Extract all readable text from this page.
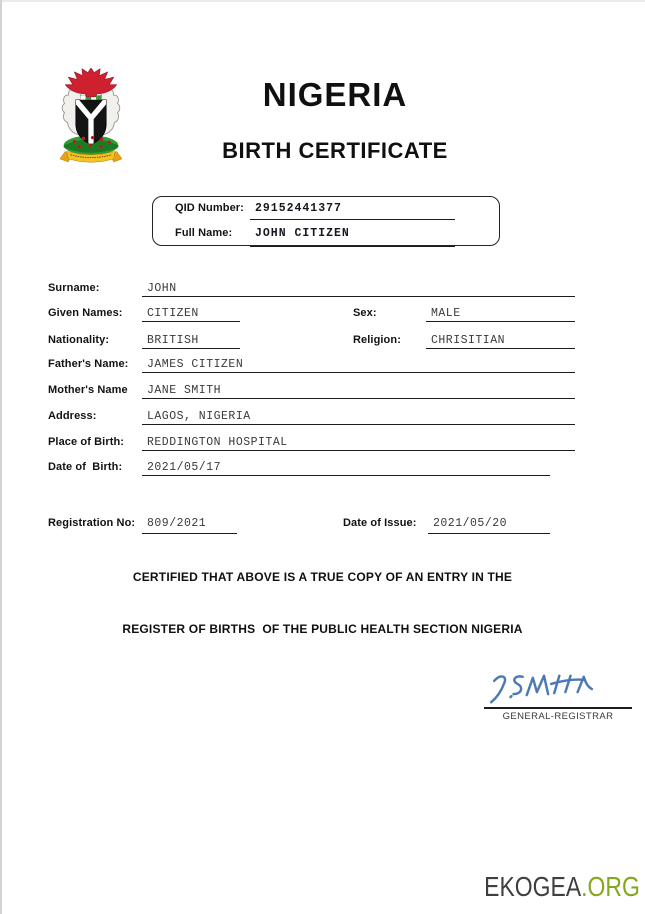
NIGERIA
BIRTH CERTIFICATE
QID Number: 29152441377
Full Name: JOHN CITIZEN
Surname:	JOHN
Given Names: CITIZEN	Sex:	MALE
Nationality:	BRITISH	Religion:	CHRISITIAN
Father's Name: JAMES CITIZEN
Mother's Name JANE SMITH
Address:	LAGOS, NIGERIA
Place of Birth: REDDINGTON HOSPITAL
Date of  Birth: 2021/05/17
Registration No: 809/2021	Date of Issue: 2021/05/20
CERTIFIED THAT ABOVE IS A TRUE COPY OF AN ENTRY IN THE
REGISTER OF BIRTHS  OF THE PUBLIC HEALTH SECTION NIGERIA
GENERAL-REGISTRAR
EKOGEA.ORG
